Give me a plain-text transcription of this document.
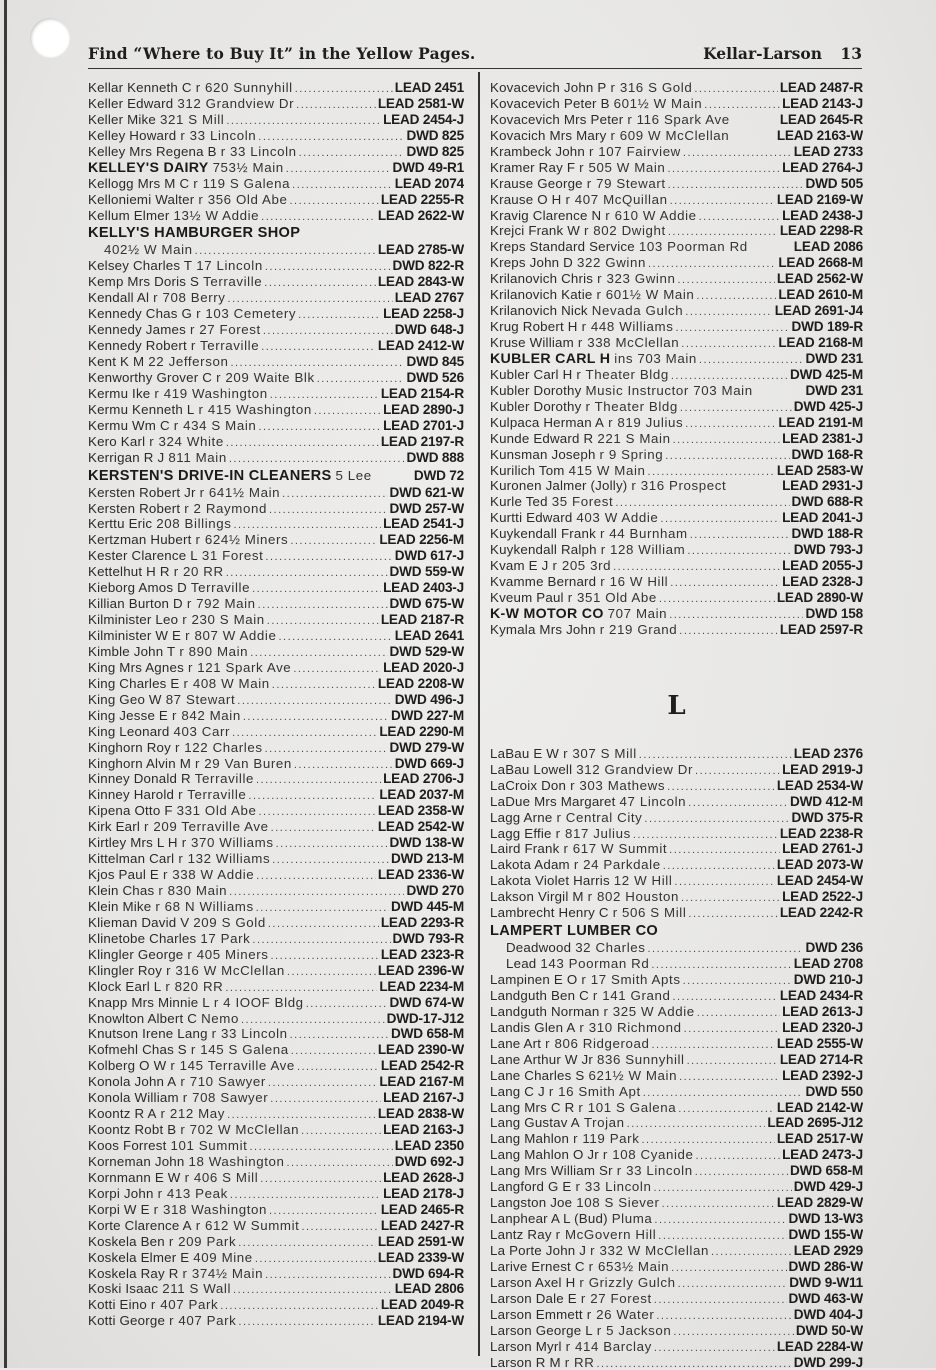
Find “Where to Buy It” in the Yellow Pages.	Kellar-Larson 13
Kellar Kenneth C r 620 Sunnyhill .....	LEAD 2451
Keller Edward 312 Grandview Dr .....	LEAD 2581-W
Keller Mike 321 S Mill .....	LEAD 2454-J
Kelley Howard r 33 Lincoln .....	DWD 825
Kelley Mrs Regena B r 33 Lincoln .....	DWD 825
KELLEY'S DAIRY 753½ Main .....	DWD 49-R1
Kellogg Mrs M C r 119 S Galena .....	LEAD 2074
Kelloniemi Walter r 356 Old Abe .....	LEAD 2255-R
Kellum Elmer 13½ W Addie .....	LEAD 2622-W
KELLY'S HAMBURGER SHOP
402½ W Main .....	LEAD 2785-W
Kelsey Charles T 17 Lincoln .....	DWD 822-R
Kemp Mrs Doris S Terraville .....	LEAD 2843-W
Kendall Al r 708 Berry .....	LEAD 2767
Kennedy Chas G r 103 Cemetery .....	LEAD 2258-J
Kennedy James r 27 Forest .....	DWD 648-J
Kennedy Robert r Terraville .....	LEAD 2412-W
Kent K M 22 Jefferson .....	DWD 845
Kenworthy Grover C r 209 Waite Blk .....	DWD 526
Kermu Ike r 419 Washington .....	LEAD 2154-R
Kermu Kenneth L r 415 Washington .....	LEAD 2890-J
Kermu Wm C r 434 S Main .....	LEAD 2701-J
Kero Karl r 324 White .....	LEAD 2197-R
Kerrigan R J 811 Main .....	DWD 888
KERSTEN'S DRIVE-IN CLEANERS 5 Lee	DWD 72
Kersten Robert Jr r 641½ Main .....	DWD 621-W
Kersten Robert r 2 Raymond .....	DWD 257-W
Kerttu Eric 208 Billings .....	LEAD 2541-J
Kertzman Hubert r 624½ Miners .....	LEAD 2256-M
Kester Clarence L 31 Forest .....	DWD 617-J
Kettelhut H R r 20 RR .....	DWD 559-W
Kieborg Amos D Terraville .....	LEAD 2403-J
Killian Burton D r 792 Main .....	DWD 675-W
Kilminister Leo r 230 S Main .....	LEAD 2187-R
Kilminister W E r 807 W Addie .....	LEAD 2641
Kimble John T r 890 Main .....	DWD 529-W
King Mrs Agnes r 121 Spark Ave .....	LEAD 2020-J
King Charles E r 408 W Main .....	LEAD 2208-W
King Geo W 87 Stewart .....	DWD 496-J
King Jesse E r 842 Main .....	DWD 227-M
King Leonard 403 Carr .....	LEAD 2290-M
Kinghorn Roy r 122 Charles .....	DWD 279-W
Kinghorn Alvin M r 29 Van Buren .....	DWD 669-J
Kinney Donald R Terraville .....	LEAD 2706-J
Kinney Harold r Terraville .....	LEAD 2037-M
Kipena Otto F 331 Old Abe .....	LEAD 2358-W
Kirk Earl r 209 Terraville Ave .....	LEAD 2542-W
Kirtley Mrs L H r 370 Williams .....	DWD 138-W
Kittelman Carl r 132 Williams .....	DWD 213-M
Kjos Paul E r 338 W Addie .....	LEAD 2336-W
Klein Chas r 830 Main .....	DWD 270
Klein Mike r 68 N Williams .....	DWD 445-M
Klieman David V 209 S Gold .....	LEAD 2293-R
Klinetobe Charles 17 Park .....	DWD 793-R
Klingler George r 405 Miners .....	LEAD 2323-R
Klingler Roy r 316 W McClellan .....	LEAD 2396-W
Klock Earl L r 820 RR .....	LEAD 2234-M
Knapp Mrs Minnie L r 4 IOOF Bldg .....	DWD 674-W
Knowlton Albert C Nemo .....	DWD-17-J12
Knutson Irene Lang r 33 Lincoln .....	DWD 658-M
Kofmehl Chas S r 145 S Galena .....	LEAD 2390-W
Kolberg O W r 145 Terraville Ave .....	LEAD 2542-R
Konola John A r 710 Sawyer .....	LEAD 2167-M
Konola William r 708 Sawyer .....	LEAD 2167-J
Koontz R A r 212 May .....	LEAD 2838-W
Koontz Robt B r 702 W McClellan .....	LEAD 2163-J
Koos Forrest 101 Summit .....	LEAD 2350
Korneman John 18 Washington .....	DWD 692-J
Kornmann E W r 406 S Mill .....	LEAD 2628-J
Korpi John r 413 Peak .....	LEAD 2178-J
Korpi W E r 318 Washington .....	LEAD 2465-R
Korte Clarence A r 612 W Summit .....	LEAD 2427-R
Koskela Ben r 209 Park .....	LEAD 2591-W
Koskela Elmer E 409 Mine .....	LEAD 2339-W
Koskela Ray R r 374½ Main .....	DWD 694-R
Koski Isaac 211 S Wall .....	LEAD 2806
Kotti Eino r 407 Park .....	LEAD 2049-R
Kotti George r 407 Park .....	LEAD 2194-W
Kovacevich John P r 316 S Gold .....	LEAD 2487-R
Kovacevich Peter B 601½ W Main .....	LEAD 2143-J
Kovacevich Mrs Peter r 116 Spark Ave	LEAD 2645-R
Kovacich Mrs Mary r 609 W McClellan	LEAD 2163-W
Krambeck John r 107 Fairview .....	LEAD 2733
Kramer Ray F r 505 W Main .....	LEAD 2764-J
Krause George r 79 Stewart .....	DWD 505
Krause O H r 407 McQuillan .....	LEAD 2169-W
Kravig Clarence N r 610 W Addie .....	LEAD 2438-J
Krejci Frank W r 802 Dwight .....	LEAD 2298-R
Kreps Standard Service 103 Poorman Rd	LEAD 2086
Kreps John D 322 Gwinn .....	LEAD 2668-M
Krilanovich Chris r 323 Gwinn .....	LEAD 2562-W
Krilanovich Katie r 601½ W Main .....	LEAD 2610-M
Krilanovich Nick Nevada Gulch .....	LEAD 2691-J4
Krug Robert H r 448 Williams .....	DWD 189-R
Kruse William r 338 McClellan .....	LEAD 2168-M
KUBLER CARL H ins 703 Main .....	DWD 231
Kubler Carl H r Theater Bldg .....	DWD 425-M
Kubler Dorothy Music Instructor 703 Main	DWD 231
Kubler Dorothy r Theater Bldg .....	DWD 425-J
Kulpaca Herman A r 819 Julius .....	LEAD 2191-M
Kunde Edward R 221 S Main .....	LEAD 2381-J
Kunsman Joseph r 9 Spring .....	DWD 168-R
Kurilich Tom 415 W Main .....	LEAD 2583-W
Kuronen Jalmer (Jolly) r 316 Prospect	LEAD 2931-J
Kurle Ted 35 Forest .....	DWD 688-R
Kurtti Edward 403 W Addie .....	LEAD 2041-J
Kuykendall Frank r 44 Burnham .....	DWD 188-R
Kuykendall Ralph r 128 William .....	DWD 793-J
Kvam E J r 205 3rd .....	LEAD 2055-J
Kvamme Bernard r 16 W Hill .....	LEAD 2328-J
Kveum Paul r 351 Old Abe .....	LEAD 2890-W
K-W MOTOR CO 707 Main .....	DWD 158
Kymala Mrs John r 219 Grand .....	LEAD 2597-R
L
LaBau E W r 307 S Mill .....	LEAD 2376
LaBau Lowell 312 Grandview Dr .....	LEAD 2919-J
LaCroix Don r 303 Mathews .....	LEAD 2534-W
LaDue Mrs Margaret 47 Lincoln .....	DWD 412-M
Lagg Arne r Central City .....	DWD 375-R
Lagg Effie r 817 Julius .....	LEAD 2238-R
Laird Frank r 617 W Summit .....	LEAD 2761-J
Lakota Adam r 24 Parkdale .....	LEAD 2073-W
Lakota Violet Harris 12 W Hill .....	LEAD 2454-W
Lakson Virgil M r 802 Houston .....	LEAD 2522-J
Lambrecht Henry C r 506 S Mill .....	LEAD 2242-R
LAMPERT LUMBER CO
Deadwood 32 Charles .....	DWD 236
Lead 143 Poorman Rd .....	LEAD 2708
Lampinen E O r 17 Smith Apts .....	DWD 210-J
Landguth Ben C r 141 Grand .....	LEAD 2434-R
Landguth Norman r 325 W Addie .....	LEAD 2613-J
Landis Glen A r 310 Richmond .....	LEAD 2320-J
Lane Art r 806 Ridgeroad .....	LEAD 2555-W
Lane Arthur W Jr 836 Sunnyhill .....	LEAD 2714-R
Lane Charles S 621½ W Main .....	LEAD 2392-J
Lang C J r 16 Smith Apt .....	DWD 550
Lang Mrs C R r 101 S Galena .....	LEAD 2142-W
Lang Gustav A Trojan .....	LEAD 2695-J12
Lang Mahlon r 119 Park .....	LEAD 2517-W
Lang Mahlon O Jr r 108 Cyanide .....	LEAD 2473-J
Lang Mrs William Sr r 33 Lincoln .....	DWD 658-M
Langford G E r 33 Lincoln .....	DWD 429-J
Langston Joe 108 S Siever .....	LEAD 2829-W
Lanphear A L (Bud) Pluma .....	DWD 13-W3
Lantz Ray r McGovern Hill .....	DWD 155-W
La Porte John J r 332 W McClellan .....	LEAD 2929
Larive Ernest C r 653½ Main .....	DWD 286-W
Larson Axel H r Grizzly Gulch .....	DWD 9-W11
Larson Dale E r 27 Forest .....	DWD 463-W
Larson Emmett r 26 Water .....	DWD 404-J
Larson George L r 5 Jackson .....	DWD 50-W
Larson Myrl r 414 Barclay .....	LEAD 2284-W
Larson R M r RR .....	DWD 299-J
